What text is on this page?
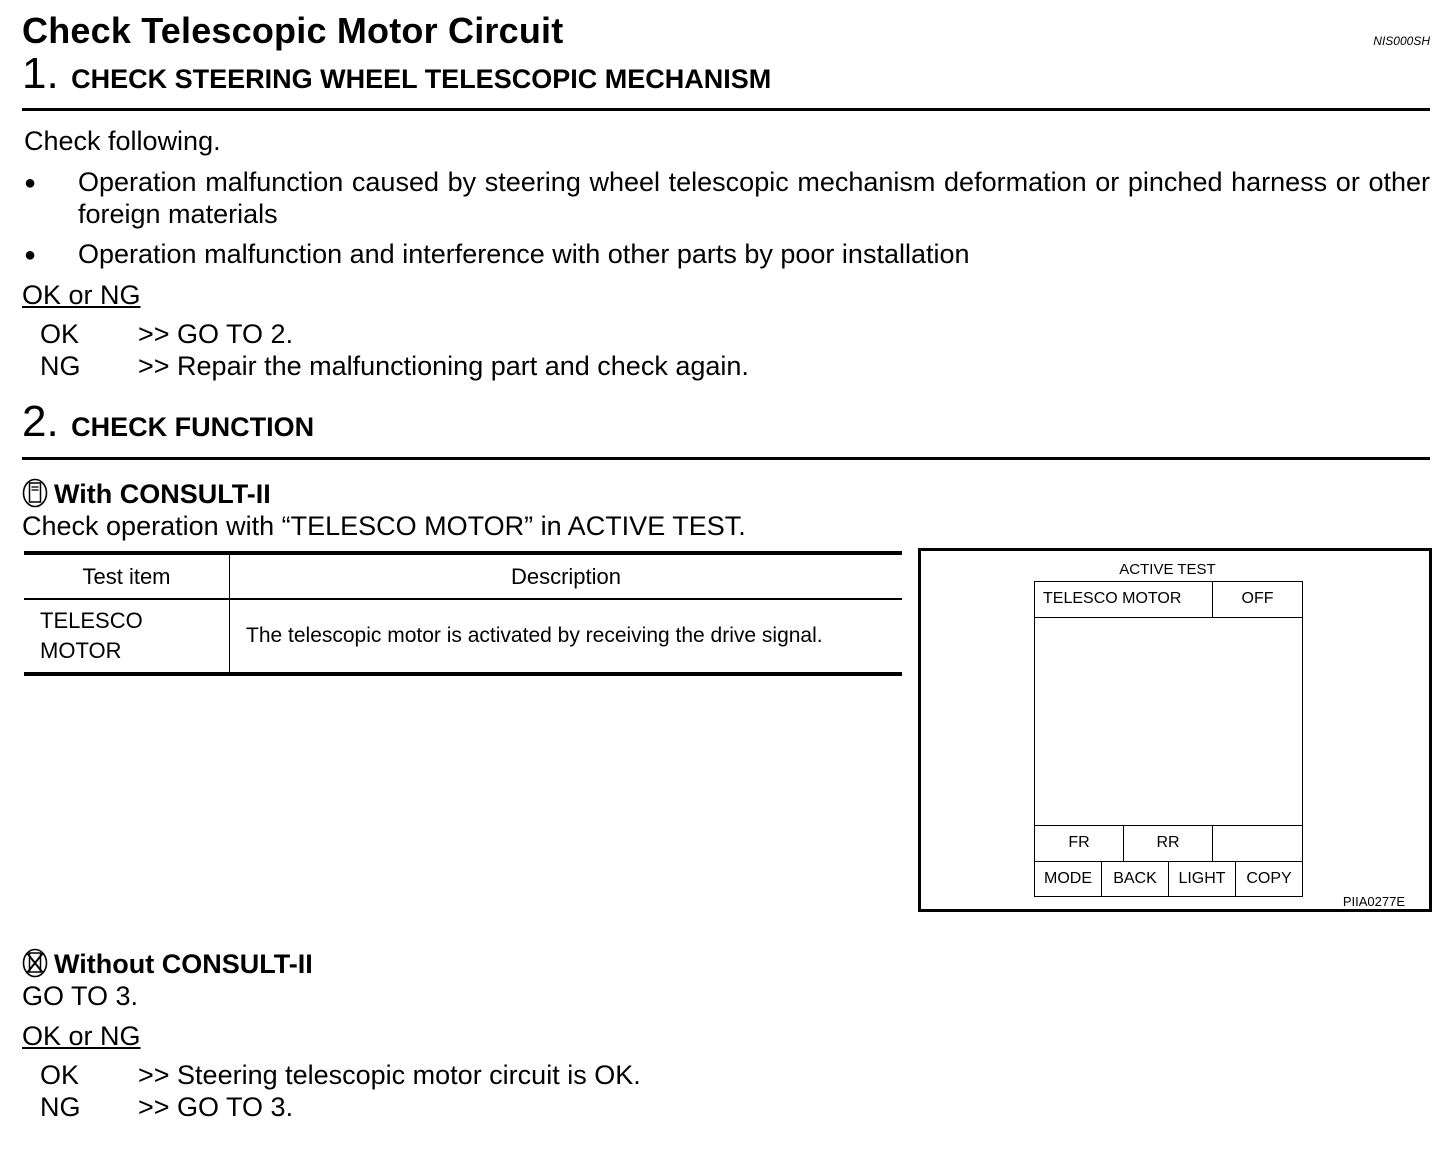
Check Telescopic Motor Circuit	NIS000SH
1. CHECK STEERING WHEEL TELESCOPIC MECHANISM
Check following.
● Operation malfunction caused by steering wheel telescopic mechanism deformation or pinched harness or other foreign materials
● Operation malfunction and interference with other parts by poor installation
OK or NG
OK >> GO TO 2.
NG >> Repair the malfunctioning part and check again.
2. CHECK FUNCTION
With CONSULT-II
Check operation with “TELESCO MOTOR” in ACTIVE TEST.
Test item	Description
TELESCO MOTOR	The telescopic motor is activated by receiving the drive signal.
ACTIVE TEST
TELESCO MOTOR	OFF
FR	RR
MODE	BACK	LIGHT	COPY
PIIA0277E
Without CONSULT-II
GO TO 3.
OK or NG
OK >> Steering telescopic motor circuit is OK.
NG >> GO TO 3.
